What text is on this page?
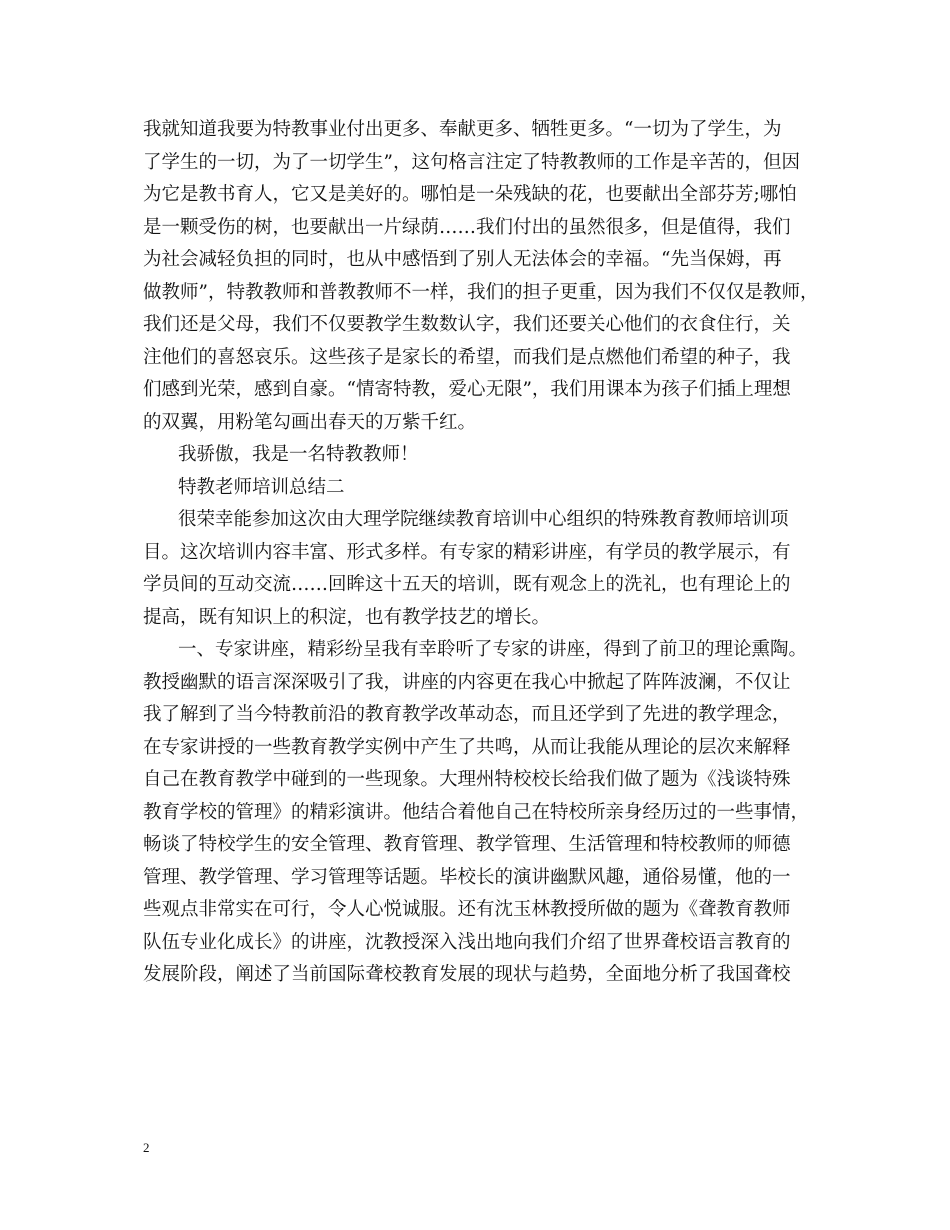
我就知道我要为特教事业付出更多、奉献更多、牺牲更多。“一切为了学生，为
了学生的一切，为了一切学生”，这句格言注定了特教教师的工作是辛苦的，但因
为它是教书育人，它又是美好的。哪怕是一朵残缺的花，也要献出全部芬芳;哪怕
是一颗受伤的树，也要献出一片绿荫……我们付出的虽然很多，但是值得，我们
为社会减轻负担的同时，也从中感悟到了别人无法体会的幸福。“先当保姆，再
做教师”，特教教师和普教教师不一样，我们的担子更重，因为我们不仅仅是教师，
我们还是父母，我们不仅要教学生数数认字，我们还要关心他们的衣食住行，关
注他们的喜怒哀乐。这些孩子是家长的希望，而我们是点燃他们希望的种子，我
们感到光荣，感到自豪。“情寄特教，爱心无限”，我们用课本为孩子们插上理想
的双翼，用粉笔勾画出春天的万紫千红。
我骄傲，我是一名特教教师！
特教老师培训总结二
很荣幸能参加这次由大理学院继续教育培训中心组织的特殊教育教师培训项
目。这次培训内容丰富、形式多样。有专家的精彩讲座，有学员的教学展示，有
学员间的互动交流……回眸这十五天的培训，既有观念上的洗礼，也有理论上的
提高，既有知识上的积淀，也有教学技艺的增长。
一、专家讲座，精彩纷呈我有幸聆听了专家的讲座，得到了前卫的理论熏陶。
教授幽默的语言深深吸引了我，讲座的内容更在我心中掀起了阵阵波澜，不仅让
我了解到了当今特教前沿的教育教学改革动态，而且还学到了先进的教学理念，
在专家讲授的一些教育教学实例中产生了共鸣，从而让我能从理论的层次来解释
自己在教育教学中碰到的一些现象。大理州特校校长给我们做了题为《浅谈特殊
教育学校的管理》的精彩演讲。他结合着他自己在特校所亲身经历过的一些事情，
畅谈了特校学生的安全管理、教育管理、教学管理、生活管理和特校教师的师德
管理、教学管理、学习管理等话题。毕校长的演讲幽默风趣，通俗易懂，他的一
些观点非常实在可行，令人心悦诚服。还有沈玉林教授所做的题为《聋教育教师
队伍专业化成长》的讲座，沈教授深入浅出地向我们介绍了世界聋校语言教育的
发展阶段，阐述了当前国际聋校教育发展的现状与趋势，全面地分析了我国聋校
2
